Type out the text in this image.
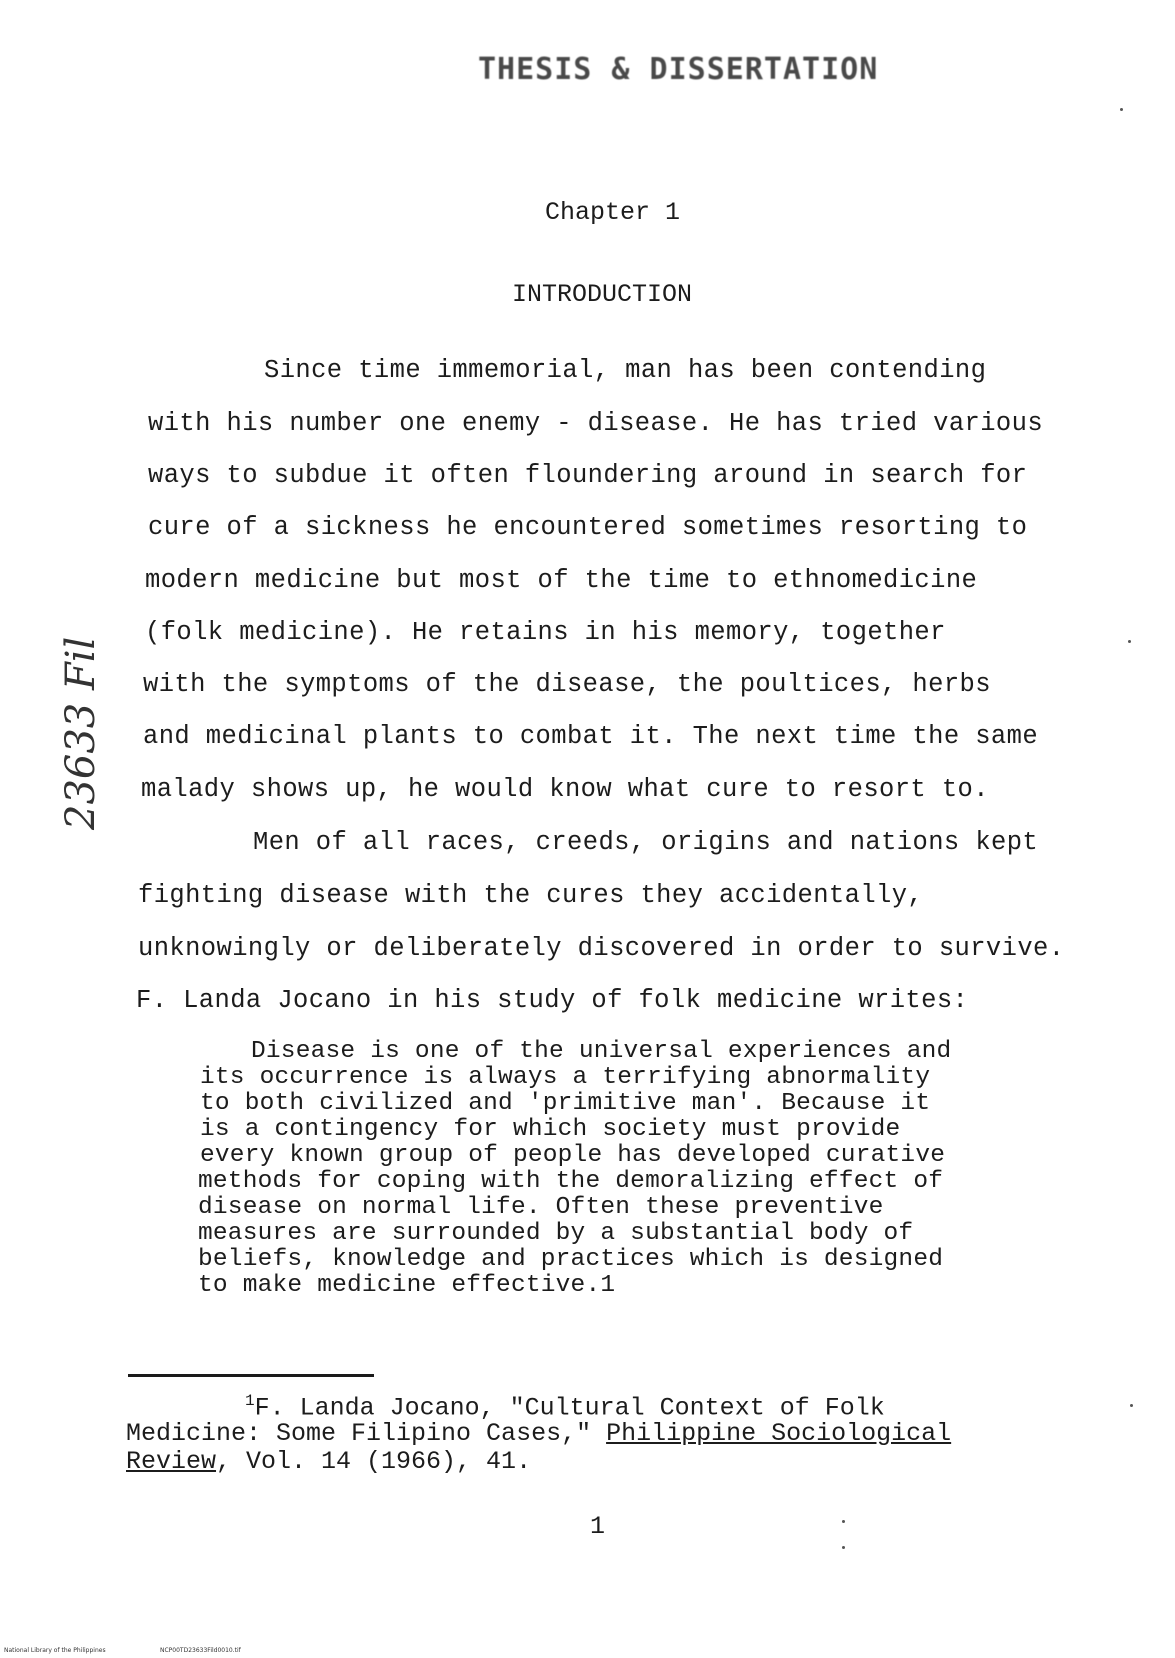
THESIS & DISSERTATION
23633 Fil
Chapter 1
INTRODUCTION
Since time immemorial, man has been contending
with his number one enemy - disease. He has tried various
ways to subdue it often floundering around in search for
cure of a sickness he encountered sometimes resorting to
modern medicine but most of the time to ethnomedicine
(folk medicine). He retains in his memory, together
with the symptoms of the disease, the poultices, herbs
and medicinal plants to combat it. The next time the same
malady shows up, he would know what cure to resort to.
Men of all races, creeds, origins and nations kept
fighting disease with the cures they accidentally,
unknowingly or deliberately discovered in order to survive.
F. Landa Jocano in his study of folk medicine writes:
Disease is one of the universal experiences and
its occurrence is always a terrifying abnormality
to both civilized and 'primitive man'. Because it
is a contingency for which society must provide
every known group of people has developed curative
methods for coping with the demoralizing effect of
disease on normal life. Often these preventive
measures are surrounded by a substantial body of
beliefs, knowledge and practices which is designed
to make medicine effective.1
$^1$F. Landa Jocano, "Cultural Context of Folk
Medicine: Some Filipino Cases," Philippine Sociological
Review, Vol. 14 (1966), 41.
1
National Library of the Philippines	NCP00TD23633Fild0010.tif
